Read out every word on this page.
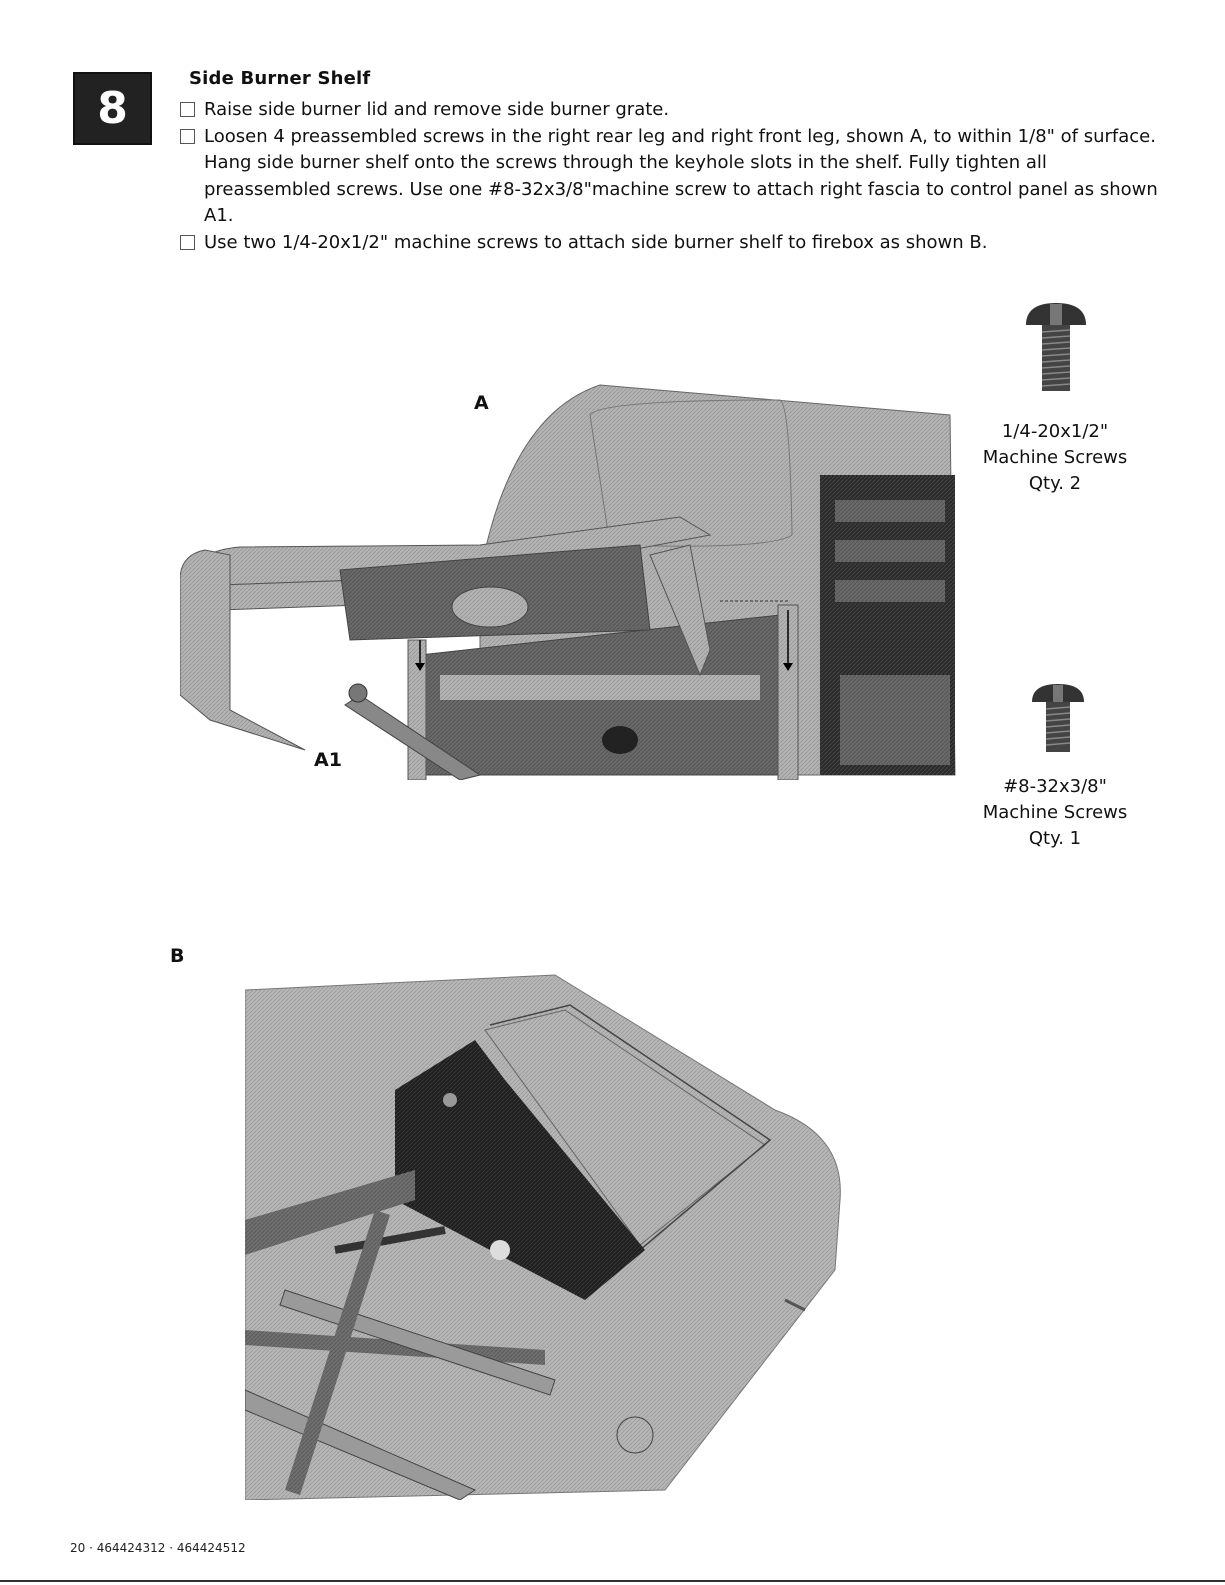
8
Side Burner Shelf
Raise side burner lid and remove side burner grate.
Loosen 4 preassembled screws in the right rear leg and right front leg, shown A, to within 1/8" of surface. Hang side burner shelf onto the screws through the keyhole slots in the shelf. Fully tighten all preassembled screws. Use one #8-32x3/8"machine screw to attach right fascia to control panel as shown A1.
Use two 1/4-20x1/2" machine screws to attach side burner shelf to firebox as shown B.
A
A1
1/4-20x1/2"
Machine Screws
Qty. 2
#8-32x3/8"
Machine Screws
Qty. 1
B
20 · 464424312 · 464424512
